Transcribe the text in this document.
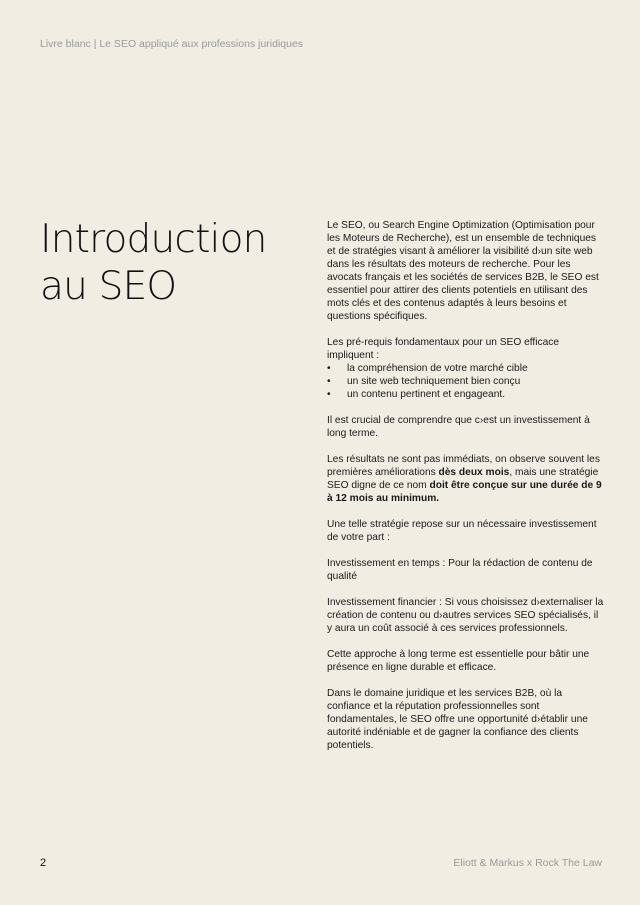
Livre blanc | Le SEO appliqué aux professions juridiques
Introduction
au SEO

Le SEO, ou Search Engine Optimization (Optimisation pour les Moteurs de Recherche), est un ensemble de techniques et de stratégies visant à améliorer la visibilité d›un site web dans les résultats des moteurs de recherche. Pour les avocats français et les sociétés de services B2B, le SEO est essentiel pour attirer des clients potentiels en utilisant des mots clés et des contenus adaptés à leurs besoins et questions spécifiques.

Les pré-requis fondamentaux pour un SEO efficace impliquent :

• la compréhension de votre marché cible
• un site web techniquement bien conçu
• un contenu pertinent et engageant.

Il est crucial de comprendre que c›est un investissement à long terme.

Les résultats ne sont pas immédiats, on observe souvent les premières améliorations dès deux mois, mais une stratégie SEO digne de ce nom doit être conçue sur une durée de 9 à 12 mois au minimum.

Une telle stratégie repose sur un nécessaire investissement de votre part :

Investissement en temps : Pour la rédaction de contenu de qualité

Investissement financier : Si vous choisissez d›externaliser la création de contenu ou d›autres services SEO spécialisés, il y aura un coût associé à ces services professionnels.

Cette approche à long terme est essentielle pour bâtir une présence en ligne durable et efficace.

Dans le domaine juridique et les services B2B, où la confiance et la réputation professionnelles sont fondamentales, le SEO offre une opportunité d›établir une autorité indéniable et de gagner la confiance des clients potentiels.

2	Eliott & Markus x Rock The Law
